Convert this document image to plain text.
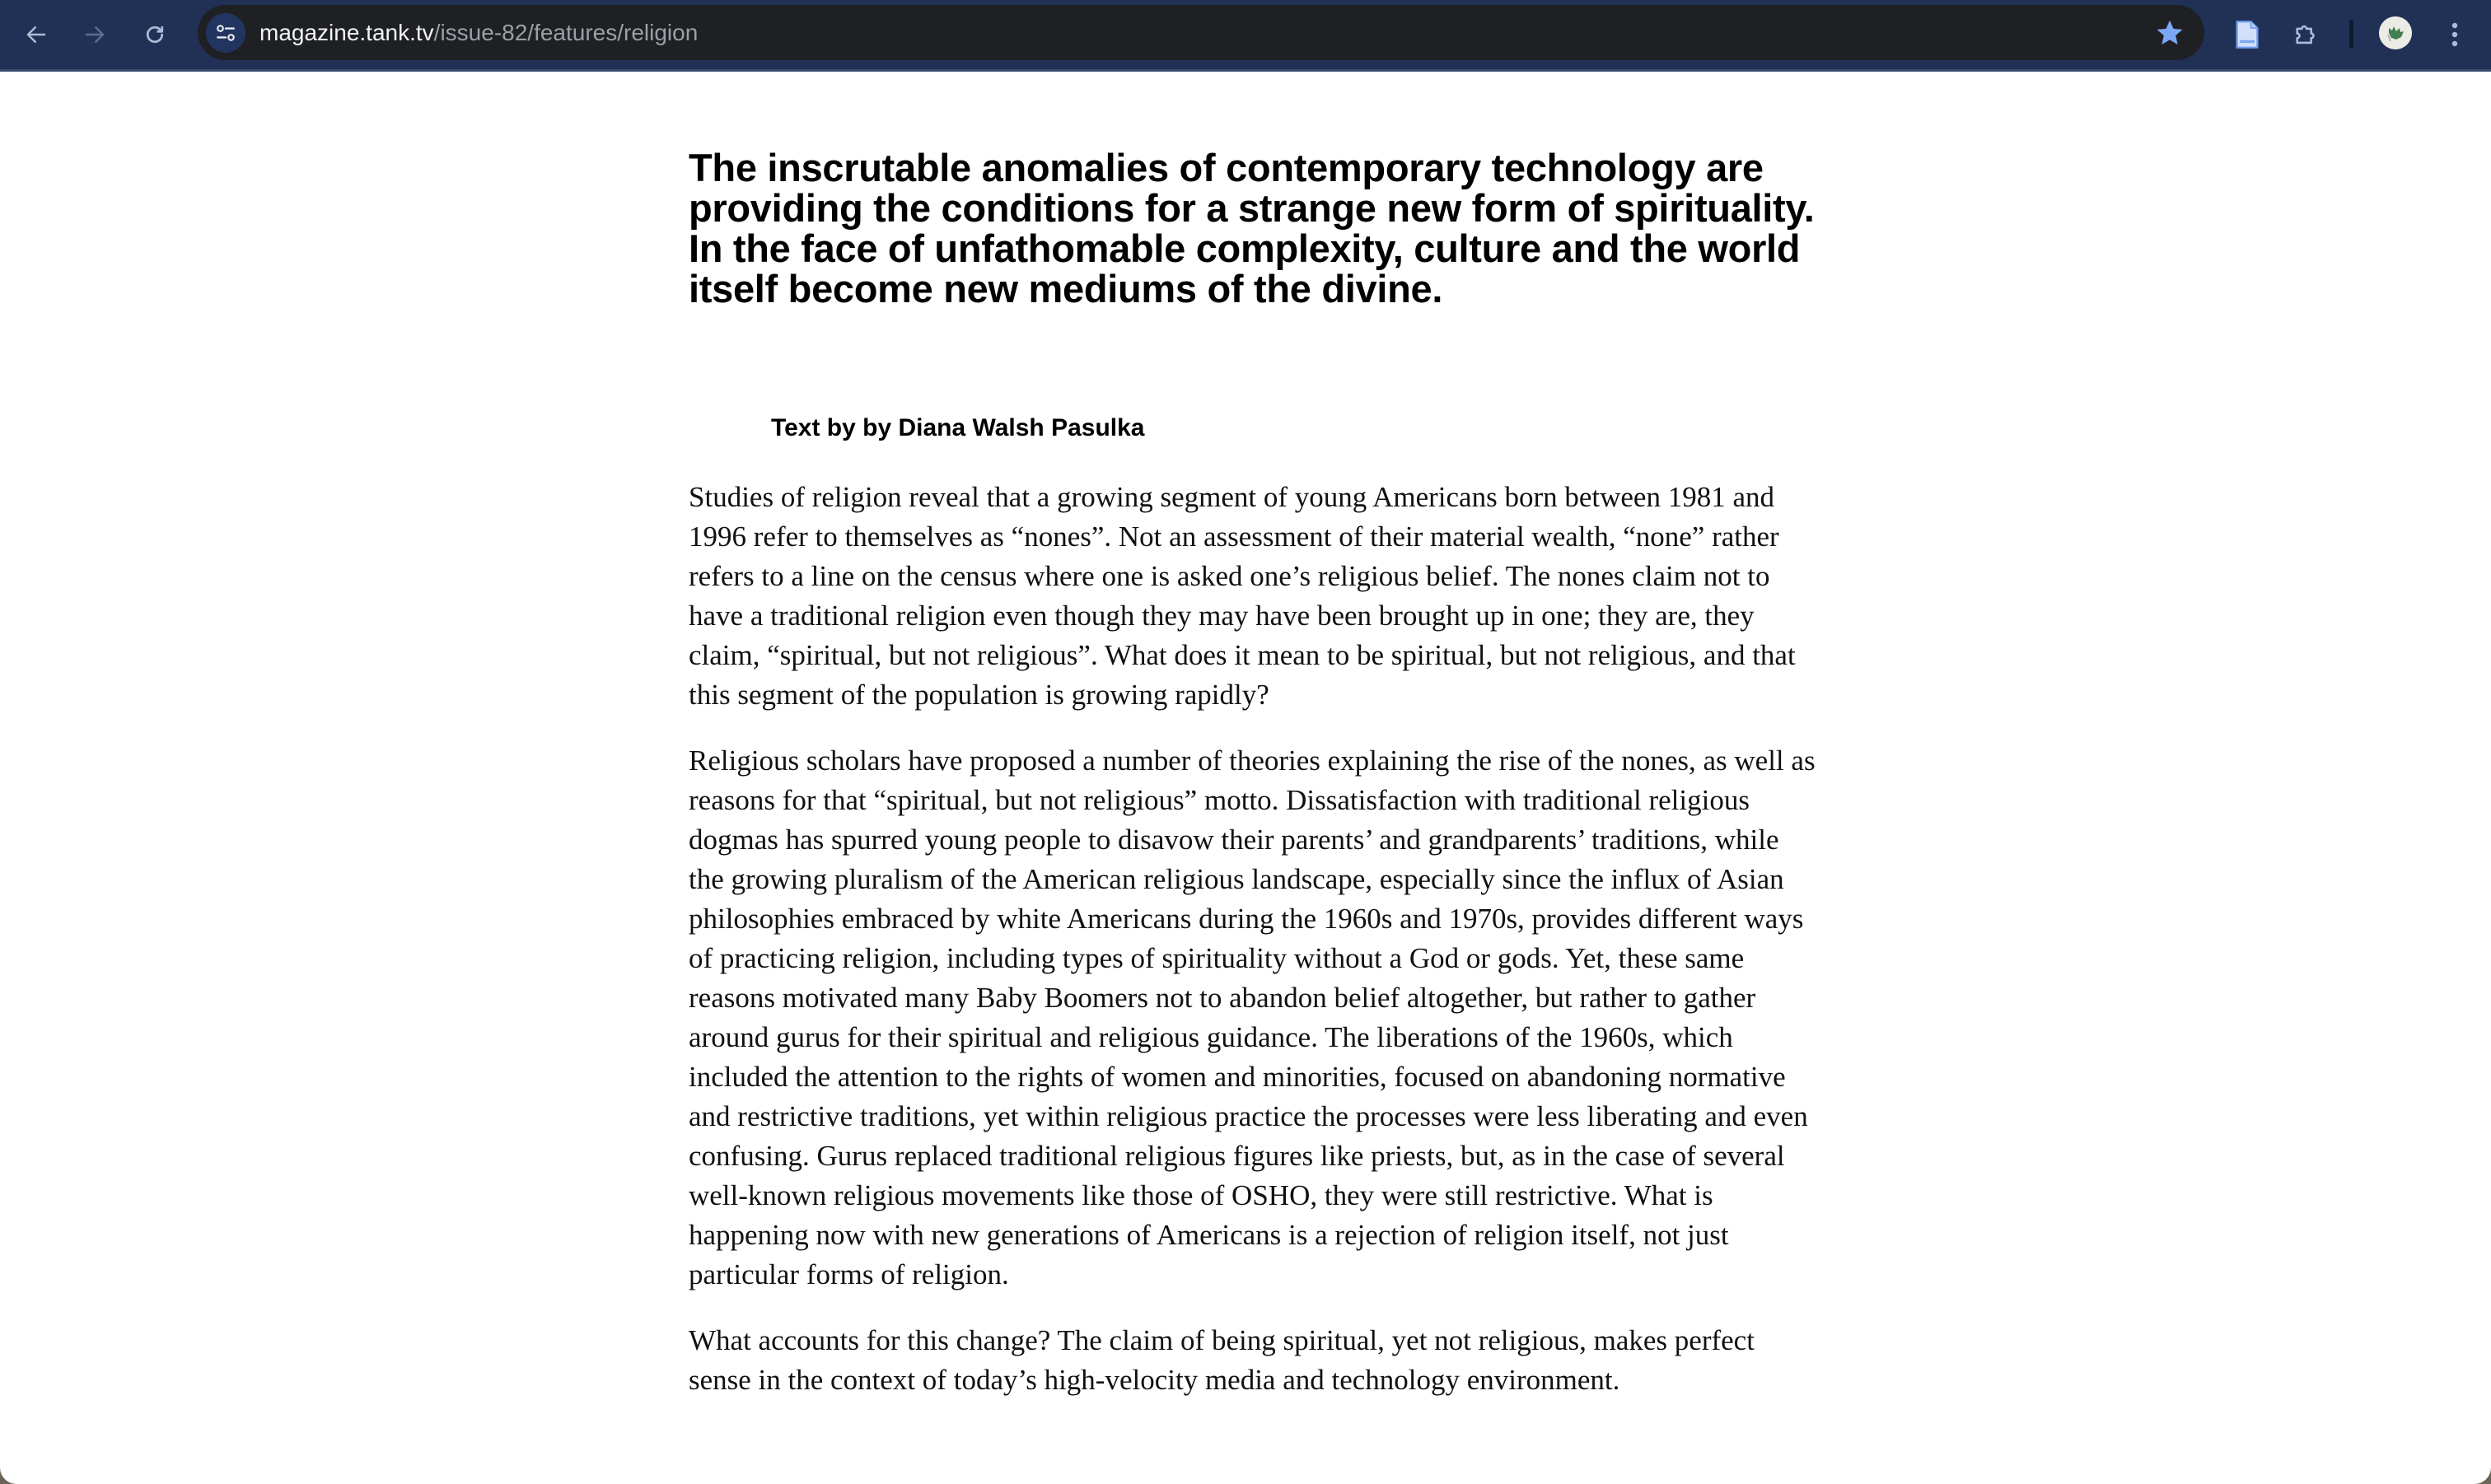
magazine.tank.tv/issue-82/features/religion
The inscrutable anomalies of contemporary technology are providing the conditions for a strange new form of spirituality. In the face of unfathomable complexity, culture and the world itself become new mediums of the divine.
Text by by Diana Walsh Pasulka

Studies of religion reveal that a growing segment of young Americans born between 1981 and 1996 refer to themselves as “nones”. Not an assessment of their material wealth, “none” rather refers to a line on the census where one is asked one’s religious belief. The nones claim not to have a traditional religion even though they may have been brought up in one; they are, they claim, “spiritual, but not religious”. What does it mean to be spiritual, but not religious, and that this segment of the population is growing rapidly?

Religious scholars have proposed a number of theories explaining the rise of the nones, as well as reasons for that “spiritual, but not religious” motto. Dissatisfaction with traditional religious dogmas has spurred young people to disavow their parents’ and grandparents’ traditions, while the growing pluralism of the American religious landscape, especially since the influx of Asian philosophies embraced by white Americans during the 1960s and 1970s, provides different ways of practicing religion, including types of spirituality without a God or gods. Yet, these same reasons motivated many Baby Boomers not to abandon belief altogether, but rather to gather around gurus for their spiritual and religious guidance. The liberations of the 1960s, which included the attention to the rights of women and minorities, focused on abandoning normative and restrictive traditions, yet within religious practice the processes were less liberating and even confusing. Gurus replaced traditional religious figures like priests, but, as in the case of several well-known religious movements like those of OSHO, they were still restrictive. What is happening now with new generations of Americans is a rejection of religion itself, not just particular forms of religion.

What accounts for this change? The claim of being spiritual, yet not religious, makes perfect sense in the context of today’s high-velocity media and technology environment.
